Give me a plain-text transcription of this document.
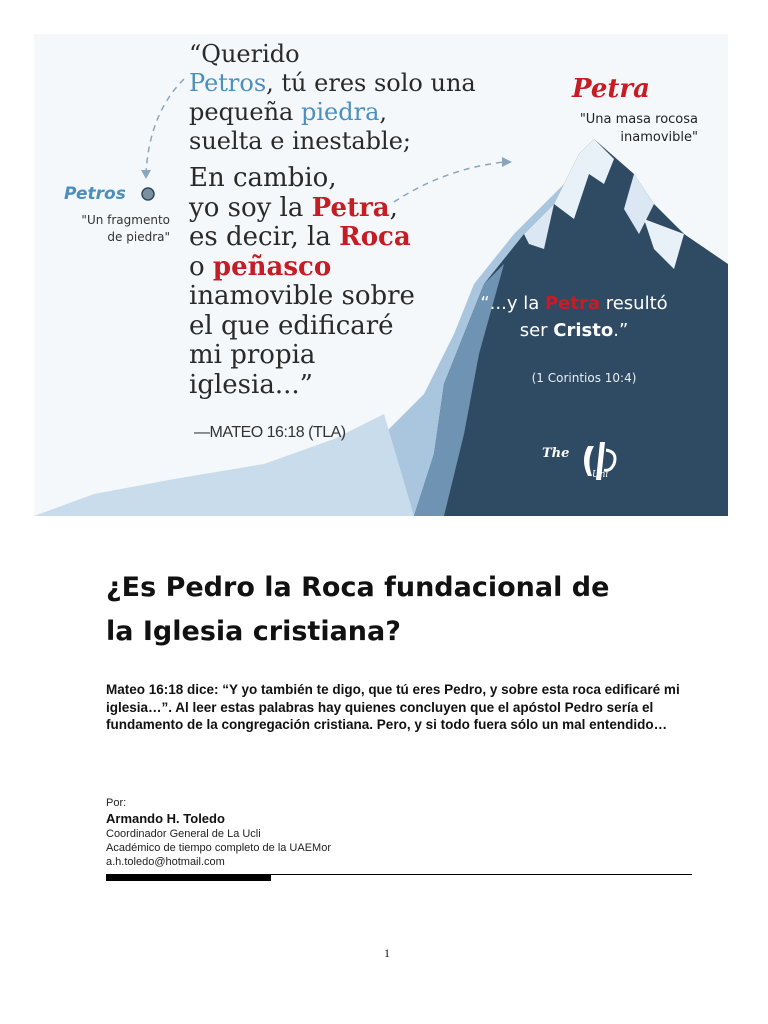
“Querido
Petros, tú eres solo una
pequeña piedra,
suelta e inestable;
En cambio,
yo soy la Petra,
es decir, la Roca
o peñasco
inamovible sobre
el que edificaré
mi propia
iglesia...”
—MATEO 16:18 (TLA)
Petros
"Un fragmento
de piedra"
Petra
"Una masa rocosa
inamovible"
“...y la Petra resultó
ser Cristo.”
(1 Corintios 10:4)
The
Uni
¿Es Pedro la Roca fundacional de
la Iglesia cristiana?
Mateo 16:18 dice: “Y yo también te digo, que tú eres Pedro, y sobre esta roca edificaré mi iglesia…”. Al leer estas palabras hay quienes concluyen que el apóstol Pedro sería el fundamento de la congregación cristiana. Pero, y si todo fuera sólo un mal entendido…
Por:
Armando H. Toledo
Coordinador General de La Ucli
Académico de tiempo completo de la UAEMor
a.h.toledo@hotmail.com
1
